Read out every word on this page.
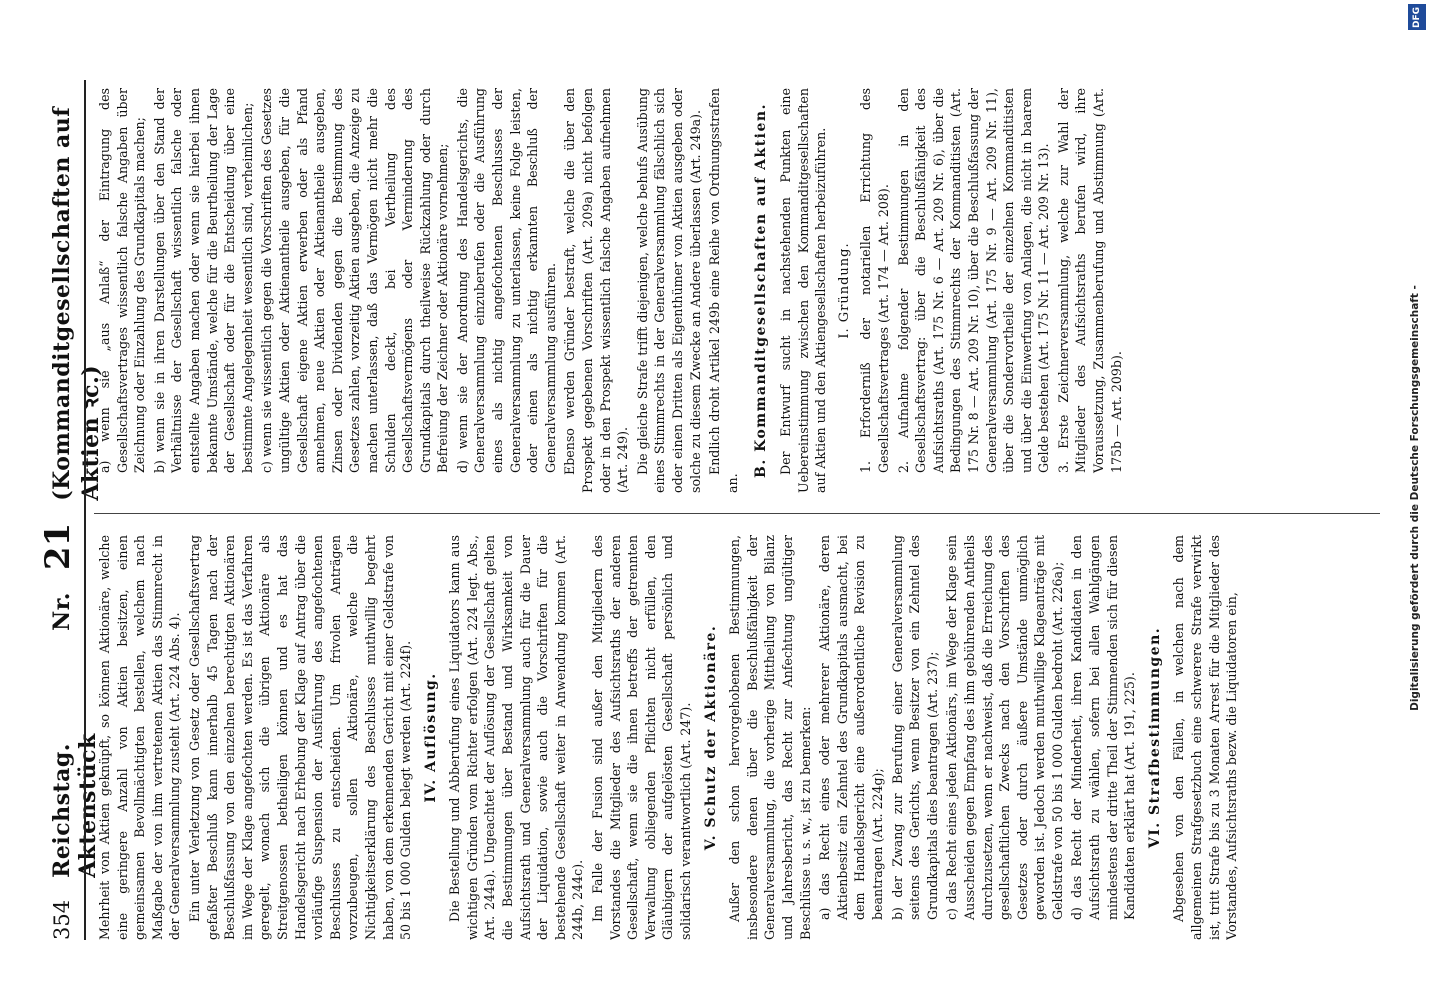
354
Reichstag. Aktenstück
Nr.
21
(Kommanditgesellschaften auf Aktien ꝛc.)

Mehrheit von Aktien geknüpft, so können Aktionäre, welche eine geringere Anzahl von Aktien besitzen, einen gemeinsamen Bevollmächtigten bestellen, welchem nach Maßgabe der von ihm vertretenen Aktien das Stimmrecht in der Generalversammlung zusteht (Art. 224 Abs. 4). Ein unter Verletzung von Gesetz oder Gesellschaftsvertrag gefaßter Beschluß kann innerhalb 45 Tagen nach der Beschlußfassung von den einzelnen berechtigten Aktionären im Wege der Klage angefochten werden. Es ist das Verfahren geregelt, wonach sich die übrigen Aktionäre als Streitgenossen betheiligen können und es hat das Handelsgericht nach Erhebung der Klage auf Antrag über die vorläufige Suspension der Ausführung des angefochtenen Beschlusses zu entscheiden. Um frivolen Anträgen vorzubeugen, sollen Aktionäre, welche die Nichtigkeitserklärung des Beschlusses muthwillig begehrt haben, von dem erkennenden Gericht mit einer Geldstrafe von 50 bis 1 000 Gulden belegt werden (Art. 224f). IV. Auflösung. Die Bestellung und Abberufung eines Liquidators kann aus wichtigen Gründen vom Richter erfolgen (Art. 224 legt. Abs., Art. 244a). Ungeachtet der Auflösung der Gesellschaft gelten die Bestimmungen über Bestand und Wirksamkeit von Aufsichtsrath und Generalversammlung auch für die Dauer der Liquidation, sowie auch die Vorschriften für die bestehende Gesellschaft weiter in Anwendung kommen (Art. 244b, 244c). Im Falle der Fusion sind außer den Mitgliedern des Vorstandes die Mitglieder des Aufsichtsraths der anderen Gesellschaft, wenn sie die ihnen betreffs der getrennten Verwaltung obliegenden Pflichten nicht erfüllen, den Gläubigern der aufgelösten Gesellschaft persönlich und solidarisch verantwortlich (Art. 247). V. Schutz der Aktionäre. Außer den schon hervorgehobenen Bestimmungen, insbesondere denen über die Beschlußfähigkeit der Generalversammlung, die vorherige Mittheilung von Bilanz und Jahresbericht, das Recht zur Anfechtung ungültiger Beschlüsse u. s. w., ist zu bemerken: a) das Recht eines oder mehrerer Aktionäre, deren Aktienbesitz ein Zehntel des Grundkapitals ausmacht, bei dem Handelsgericht eine außerordentliche Revision zu beantragen (Art. 224g); b) der Zwang zur Berufung einer Generalversammlung seitens des Gerichts, wenn Besitzer von ein Zehntel des Grundkapitals dies beantragen (Art. 237); c) das Recht eines jeden Aktionärs, im Wege der Klage sein Ausscheiden gegen Empfang des ihm gebührenden Antheils durchzusetzen, wenn er nachweist, daß die Erreichung des gesellschaftlichen Zwecks nach den Vorschriften des Gesetzes oder durch äußere Umstände unmöglich geworden ist. Jedoch werden muthwillige Klageanträge mit Geldstrafe von 50 bis 1 000 Gulden bedroht (Art. 226a); d) das Recht der Minderheit, ihren Kandidaten in den Aufsichtsrath zu wählen, sofern bei allen Wahlgängen mindestens der dritte Theil der Stimmenden sich für diesen Kandidaten erklärt hat (Art. 191, 225). VI. Strafbestimmungen. Abgesehen von den Fällen, in welchen nach dem allgemeinen Strafgesetzbuch eine schwerere Strafe verwirkt ist, tritt Strafe bis zu 3 Monaten Arrest für die Mitglieder des Vorstandes, Aufsichtsraths bezw. die Liquidatoren ein,

a) wenn sie „aus Anlaß“ der Eintragung des Gesellschaftsvertrages wissentlich falsche Angaben über Zeichnung oder Einzahlung des Grundkapitals machen; b) wenn sie in ihren Darstellungen über den Stand der Verhältnisse der Gesellschaft wissentlich falsche oder entstellte Angaben machen oder wenn sie hierbei ihnen bekannte Umstände, welche für die Beurtheilung der Lage der Gesellschaft oder für die Entscheidung über eine bestimmte Angelegenheit wesentlich sind, verheimlichen; c) wenn sie wissentlich gegen die Vorschriften des Gesetzes ungültige Aktien oder Aktienantheile ausgeben, für die Gesellschaft eigene Aktien erwerben oder als Pfand annehmen, neue Aktien oder Aktienantheile ausgeben, Zinsen oder Dividenden gegen die Bestimmung des Gesetzes zahlen, vorzeitig Aktien ausgeben, die Anzeige zu machen unterlassen, daß das Vermögen nicht mehr die Schulden deckt, bei Vertheilung des Gesellschaftsvermögens oder Verminderung des Grundkapitals durch theilweise Rückzahlung oder durch Befreiung der Zeichner oder Aktionäre vornehmen; d) wenn sie der Anordnung des Handelsgerichts, die Generalversammlung einzuberufen oder die Ausführung eines als nichtig angefochtenen Beschlusses der Generalversammlung zu unterlassen, keine Folge leisten, oder einen als nichtig erkannten Beschluß der Generalversammlung ausführen. Ebenso werden Gründer bestraft, welche die über den Prospekt gegebenen Vorschriften (Art. 209a) nicht befolgen oder in den Prospekt wissentlich falsche Angaben aufnehmen (Art. 249). Die gleiche Strafe trifft diejenigen, welche behufs Ausübung eines Stimmrechts in der Generalversammlung fälschlich sich oder einen Dritten als Eigenthümer von Aktien ausgeben oder solche zu diesem Zwecke an Andere überlassen (Art. 249a). Endlich droht Artikel 249b eine Reihe von Ordnungsstrafen an.

B. Kommanditgesellschaften auf Aktien. Der Entwurf sucht in nachstehenden Punkten eine Uebereinstimmung zwischen den Kommanditgesellschaften auf Aktien und den Aktiengesellschaften herbeizuführen. I. Gründung. 1. Erforderniß der notariellen Errichtung des Gesellschaftsvertrages (Art. 174 — Art. 208). 2. Aufnahme folgender Bestimmungen in den Gesellschaftsvertrag: über die Beschlußfähigkeit des Aufsichtsraths (Art. 175 Nr. 6 — Art. 209 Nr. 6), über die Bedingungen des Stimmrechts der Kommanditisten (Art. 175 Nr. 8 — Art. 209 Nr. 10), über die Beschlußfassung der Generalversammlung (Art. 175 Nr. 9 — Art. 209 Nr. 11), über die Sondervortheile der einzelnen Kommanditisten und über die Einwerfung von Anlagen, die nicht in baarem Gelde bestehen (Art. 175 Nr. 11 — Art. 209 Nr. 13). 3. Erste Zeichnerversammlung, welche zur Wahl der Mitglieder des Aufsichtsraths berufen wird, ihre Voraussetzung, Zusammenberufung und Abstimmung (Art. 175b — Art. 209b).	Digitalisierung gefördert durch die Deutsche Forschungsgemeinschaft -
DFG
